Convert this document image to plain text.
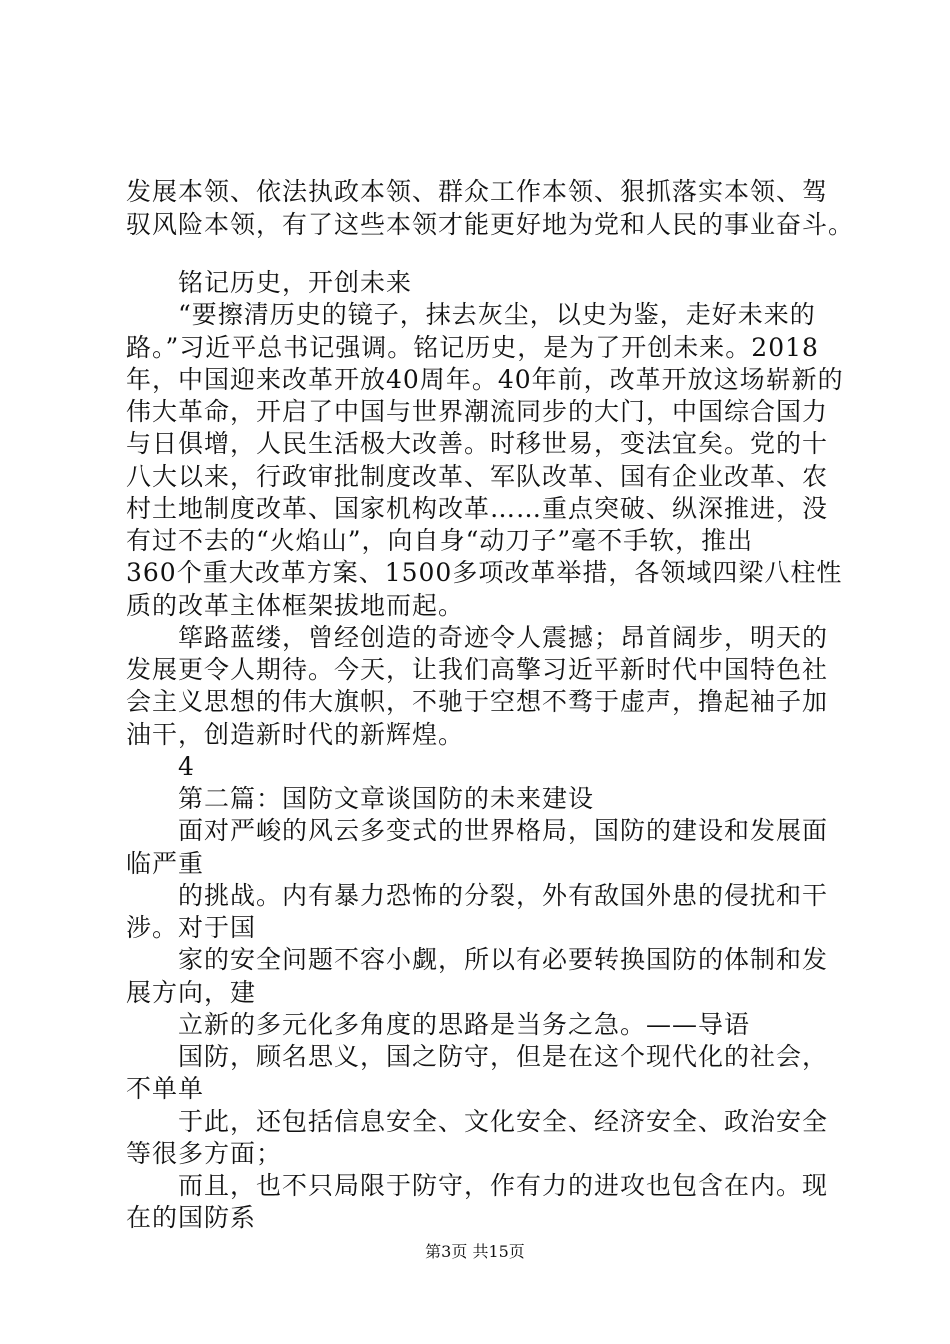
发展本领、依法执政本领、群众工作本领、狠抓落实本领、驾
驭风险本领，有了这些本领才能更好地为党和人民的事业奋斗。
　　铭记历史，开创未来
　　“要擦清历史的镜子，抹去灰尘，以史为鉴，走好未来的
路。”习近平总书记强调。铭记历史，是为了开创未来。2018
年，中国迎来改革开放40周年。40年前，改革开放这场崭新的
伟大革命，开启了中国与世界潮流同步的大门，中国综合国力
与日俱增，人民生活极大改善。时移世易，变法宜矣。党的十
八大以来，行政审批制度改革、军队改革、国有企业改革、农
村土地制度改革、国家机构改革……重点突破、纵深推进，没
有过不去的“火焰山”，向自身“动刀子”毫不手软，推出
360个重大改革方案、1500多项改革举措，各领域四梁八柱性
质的改革主体框架拔地而起。
　　筚路蓝缕，曾经创造的奇迹令人震撼；昂首阔步，明天的
发展更令人期待。今天，让我们高擎习近平新时代中国特色社
会主义思想的伟大旗帜，不驰于空想不骛于虚声，撸起袖子加
油干，创造新时代的新辉煌。
　　4
　　第二篇：国防文章谈国防的未来建设
　　面对严峻的风云多变式的世界格局，国防的建设和发展面
临严重
　　的挑战。内有暴力恐怖的分裂，外有敌国外患的侵扰和干
涉。对于国
　　家的安全问题不容小觑，所以有必要转换国防的体制和发
展方向，建
　　立新的多元化多角度的思路是当务之急。——导语
　　国防，顾名思义，国之防守，但是在这个现代化的社会，
不单单
　　于此，还包括信息安全、文化安全、经济安全、政治安全
等很多方面；
　　而且，也不只局限于防守，作有力的进攻也包含在内。现
在的国防系
第3页 共15页
